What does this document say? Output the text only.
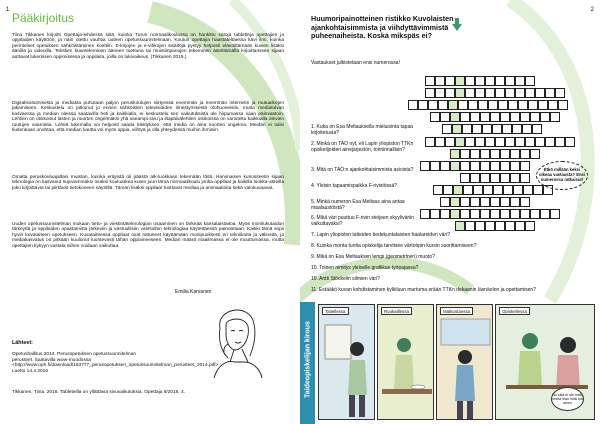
1
Pääkirjoitus
Tiina Tikkanen kirjoitti Opettaja-lehdessä siitä, kuinka Turun normaalikoulussa on hankittu satoja tabletteja opettajien ja oppilaiden käyttöön, ja näin otettu vauhtia uuteen opetussuunnitelmaan. Koulun opettajia haastateltaessa kävi ilmi, kuinka perinteiset opetuksen sähköistäminen koettiin. E-kirjojen ja e-vihkojen sisältöjä pystyy helposti elävöittämään kuvien lisäksi äänillä ja videoilla. Tekstien kuunteleminen ääneen tuettuna tai muistiinpanojen tekeminen äänittämällä kirjoittamisen sijaan auttavat lukemisen oppimisessa ja oppilaita, joilla on lukivaikeus. (Tikkanen 2016.)
Digitalisoitumisesta ja mediasta puhutaan paljon peruskoulujen siirtyessä enemmän ja enemmän internetin ja ruutuaikojen jakamiseen. Keskustelu on jatkunut jo ennen sähköisten televisioiden ilmestymisestä olohuoneisiin, mutta mediatulvan kasvaessa ja median oleissa saatavilla heti ja kaikkialla, ei keskustelu sen vaikutuksista ole hiipumassa vaan päinvastoin. Lehtien on otsikoinut lasten ja nuorten ongelmaksi yhä useampi sivu ja iltapäivälehtien otsikoissa on varoiteltu kaikkialla olevien ruutujen vaaroista. Lehtiä lukemalla voi helposti saada käsityksen, että media on aina nuorten ongelma. Meidän ei tulisi kuitenkaan unohtaa, että median kautta voi myös oppia, viihtyä ja olla yhteydessä muihin ihmisiin.
Omalta peruskouluajaltani muistan, kuinka erityistä oli päästä atk-luokkaan tekemään töitä. Harvinaisen kuriositeetin sijaan teknologia on kasvanut sujuvammaksi osaksi kouluarkea kuten juuri tämä normaalikoulu jonka oppilaat ja kaikilla luokka-asteilla joko kirjoittavat tai piirtävät tietokoneen näytöllä. Tämän lisäksi oppilaat tuottavat mediaa ja animaatioita sekä valokuvaavat.
Uuden opetussuunnitelman mukaan tieto- ja viestintäteknologian osaaminen on tärkeää kansalaistaitoa. Myös monilukutaidon tärkeyttä ja oppilaiden opastamista järkeviin ja vastuullisiin valintoihin teknologiaa käytettäessä painotetaan. Kaikki tämä sopii hyvin kuvataiteen opetukseen. Kuvataiteessa oppilaat ovat tottuneet käyttämään monipuolisesti eri tekniikoita ja välineitä, ja mediakasvatus on pitkään kuulunut luontevasti tähän oppiaineeseen. Median määrä maailmassa ei ole muuttumassa, mutta opettajien kykyyn vastata siihen voidaan vaikuttaa.
Emilia Karvanen
Lähteet:
Opetushallitus 2014. Perusopetuksen opetussuunnitelman perusteet. Saatavilla www-muodossa <http://www.oph.fi/download/163777_perusopetuksen_opetussuunnitelman_perusteet_2014.pdf> Luettu 14.4.2016
Tikkanen, Tiina. 2016. Tableteilla on yllättäviä sivuvaikutuksia. Opettaja 8/2016, 4.
2
Huumoripainotteinen ristikko Kuvolaisten ajankohtaisimmista ja viihdyttävimmistä puheenaiheista. Koska mikspäs ei?
Vastaukset julkistetaan ensi numerossa!
1. Kuka on Esa Meltauksella mieluisinta tapaa kirjoitetusta?
2. Minkä on TAO nyt, eli Lapin yliopiston TTKn opiskelijoiden ainejärjestön, toiminnallisin?
3. Mitä on TAO:n ajankohtaisimmista asioista?
4. Yleisin tapaamispaikka F-rivistössä?
5. Minkä numeron Esa Meltaus aina antaa maalaustöistä?
6. Mikä väri puuttuu F-rivin steijeen skyyliväriin vaikuttavaksi?
7. Lapin yliopiston taiteiden tiedekuntalaisten haalareiden väri?
8. Kuinka monta tuntia opiskelija tarvitsee värtoöpin kursin suorittamiseen?
9. Mikä on Esa Meltauksen lempi (geometrinen) muoto?
10. Toinen nimitys yleiselle grafiikan työpajassa?
10. Antti Stöckelin silmien väri?
11. Estääkö kuvan kohdistaminen kylkiluun murtuma erään TTKn dekaanin läsnäolon ja opettamisen?
Etkö millään keksi oikeaa vastausta? Ensi numerossa ratkaisut!
Taideopiskelijan kirous
Taitellessa	Ruokaillessa	Matkustaessa	Opiskellessa
No sisä ei ole mitä, mutta ihan mitä mä ainen
